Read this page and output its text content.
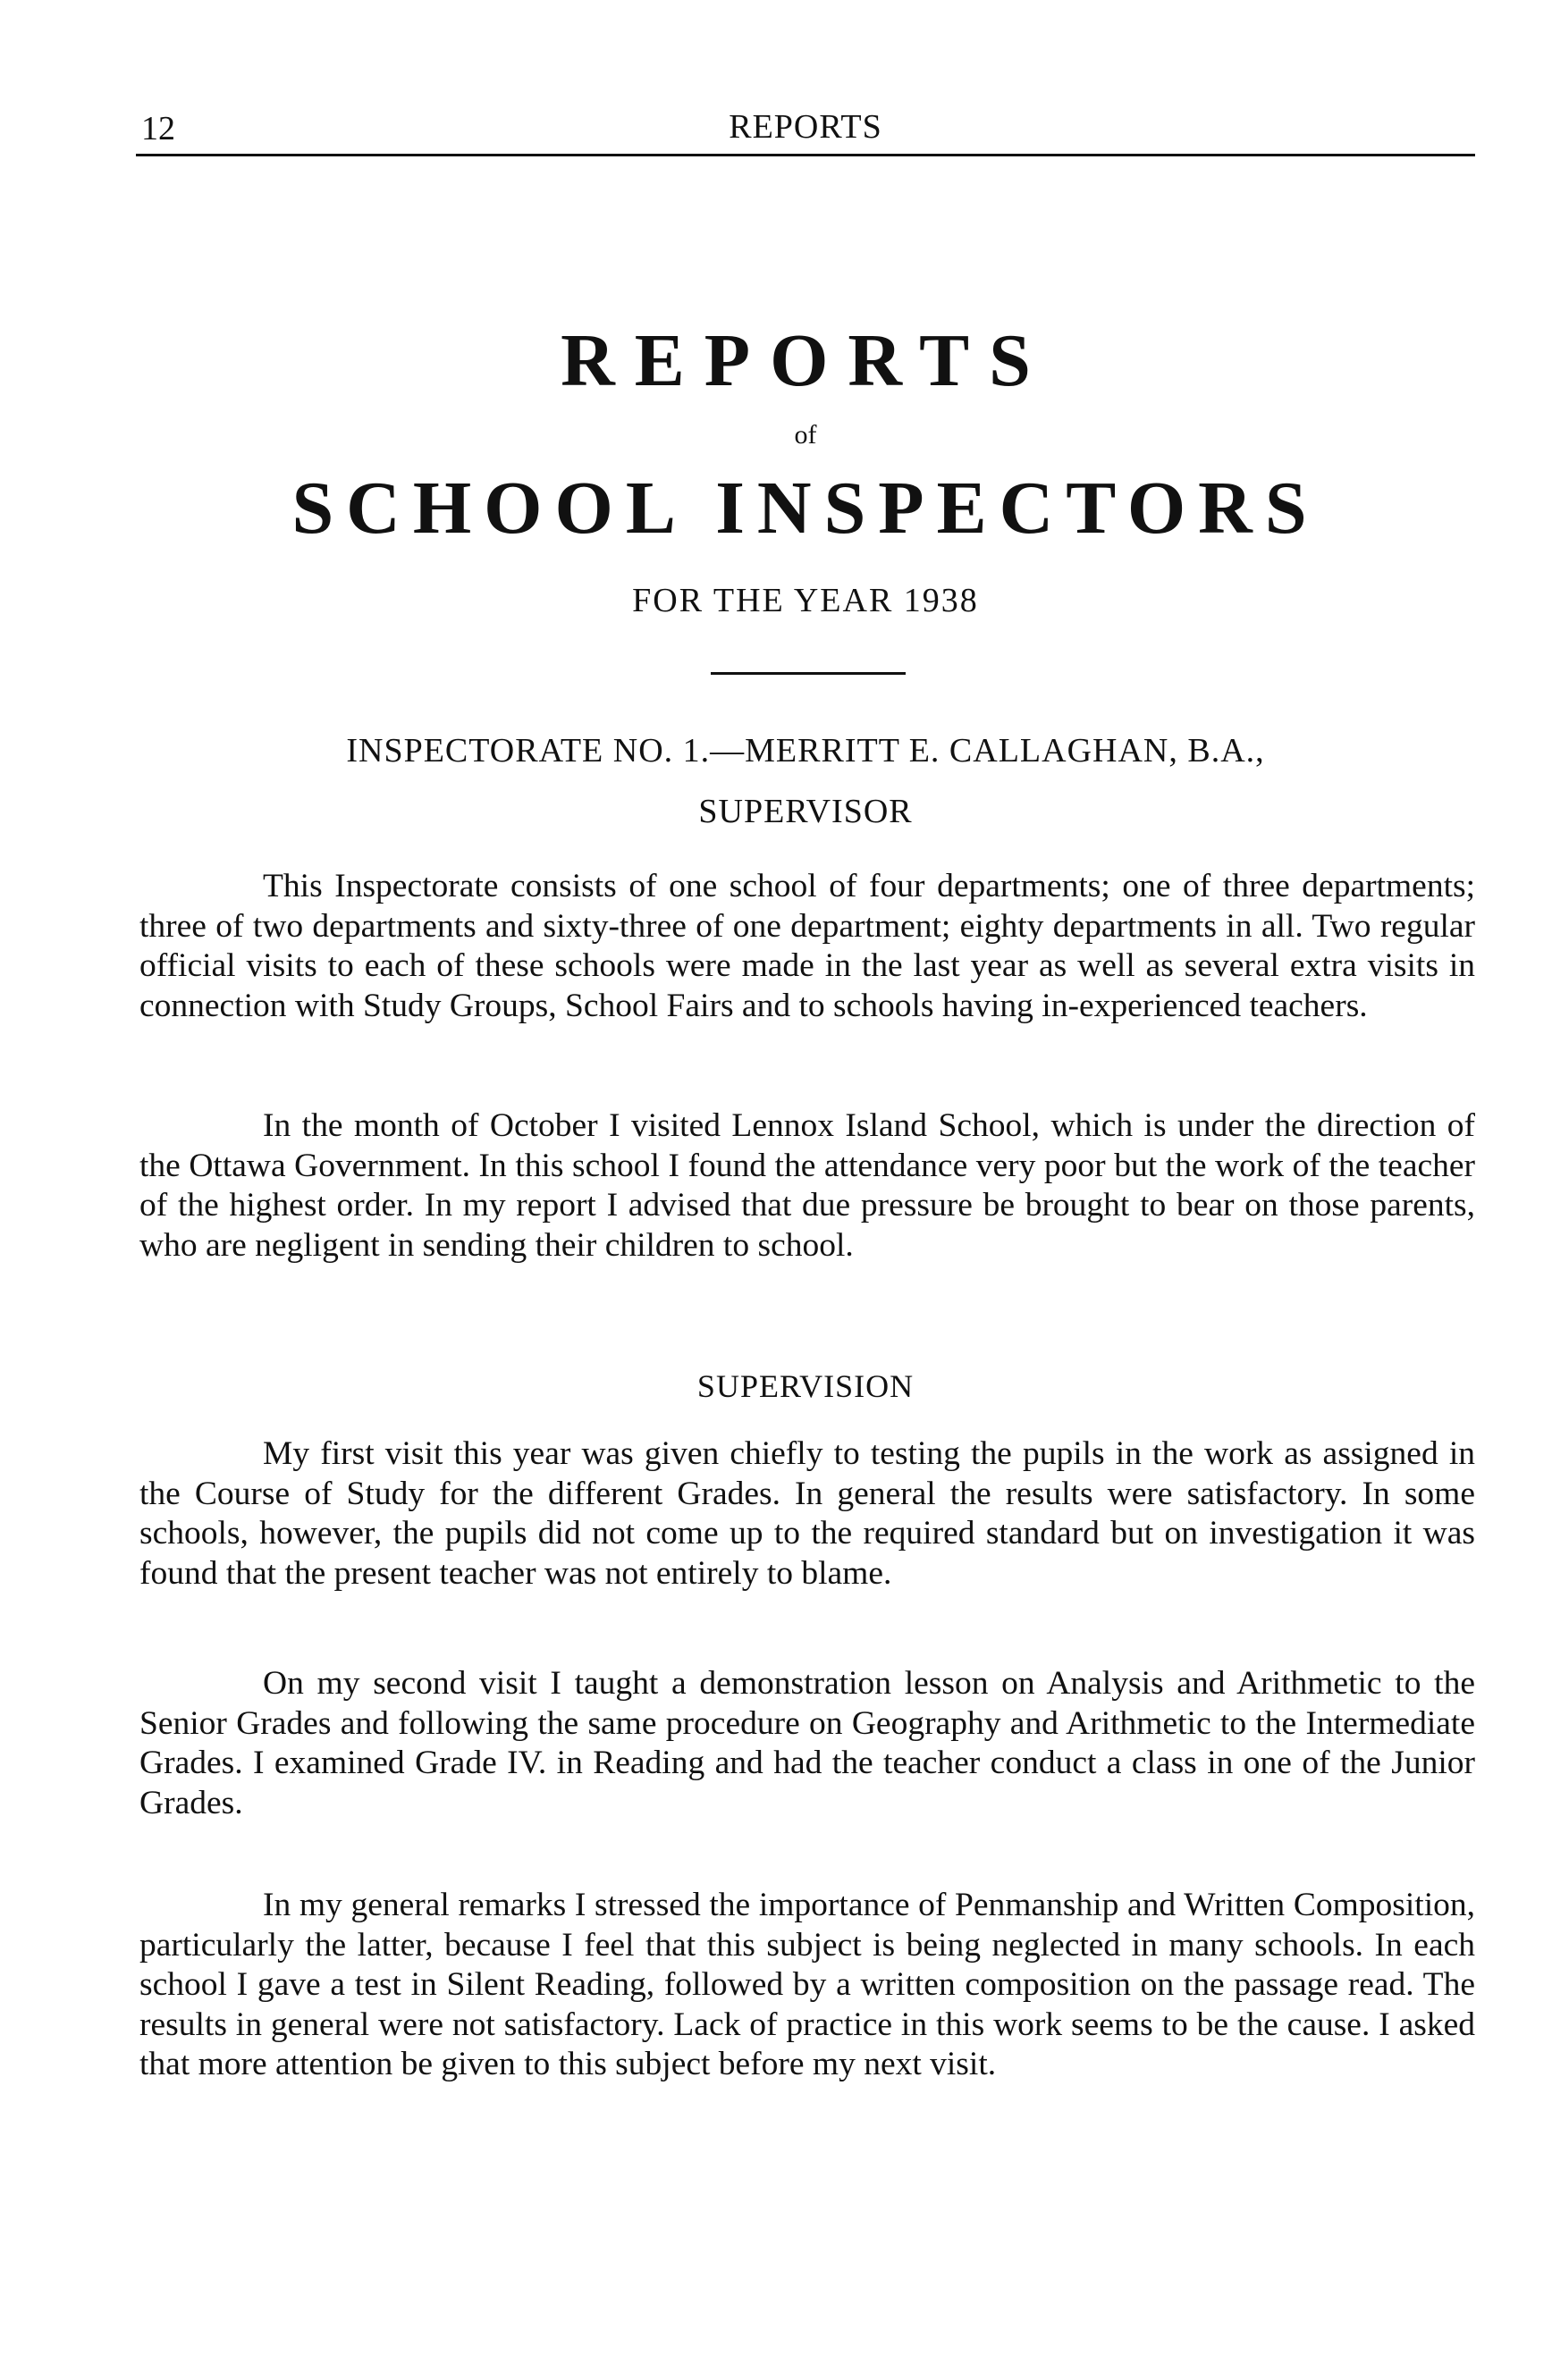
12	REPORTS
REPORTS
of
SCHOOL INSPECTORS
FOR THE YEAR 1938
INSPECTORATE NO. 1.—MERRITT E. CALLAGHAN, B.A.,
SUPERVISOR

This Inspectorate consists of one school of four departments; one of three departments; three of two departments and sixty-three of one department; eighty departments in all. Two regular official visits to each of these schools were made in the last year as well as several extra visits in connection with Study Groups, School Fairs and to schools having in-experienced teachers.

In the month of October I visited Lennox Island School, which is under the direction of the Ottawa Government. In this school I found the attendance very poor but the work of the teacher of the highest order. In my report I advised that due pressure be brought to bear on those parents, who are negligent in sending their children to school.

SUPERVISION

My first visit this year was given chiefly to testing the pupils in the work as assigned in the Course of Study for the different Grades. In general the results were satisfactory. In some schools, however, the pupils did not come up to the required standard but on investigation it was found that the present teacher was not entirely to blame.

On my second visit I taught a demonstration lesson on Analysis and Arithmetic to the Senior Grades and following the same procedure on Geography and Arithmetic to the Intermediate Grades. I examined Grade IV. in Reading and had the teacher conduct a class in one of the Junior Grades.

In my general remarks I stressed the importance of Penmanship and Written Composition, particularly the latter, because I feel that this subject is being neglected in many schools. In each school I gave a test in Silent Reading, followed by a written composition on the passage read. The results in general were not satisfactory. Lack of practice in this work seems to be the cause. I asked that more attention be given to this subject before my next visit.
